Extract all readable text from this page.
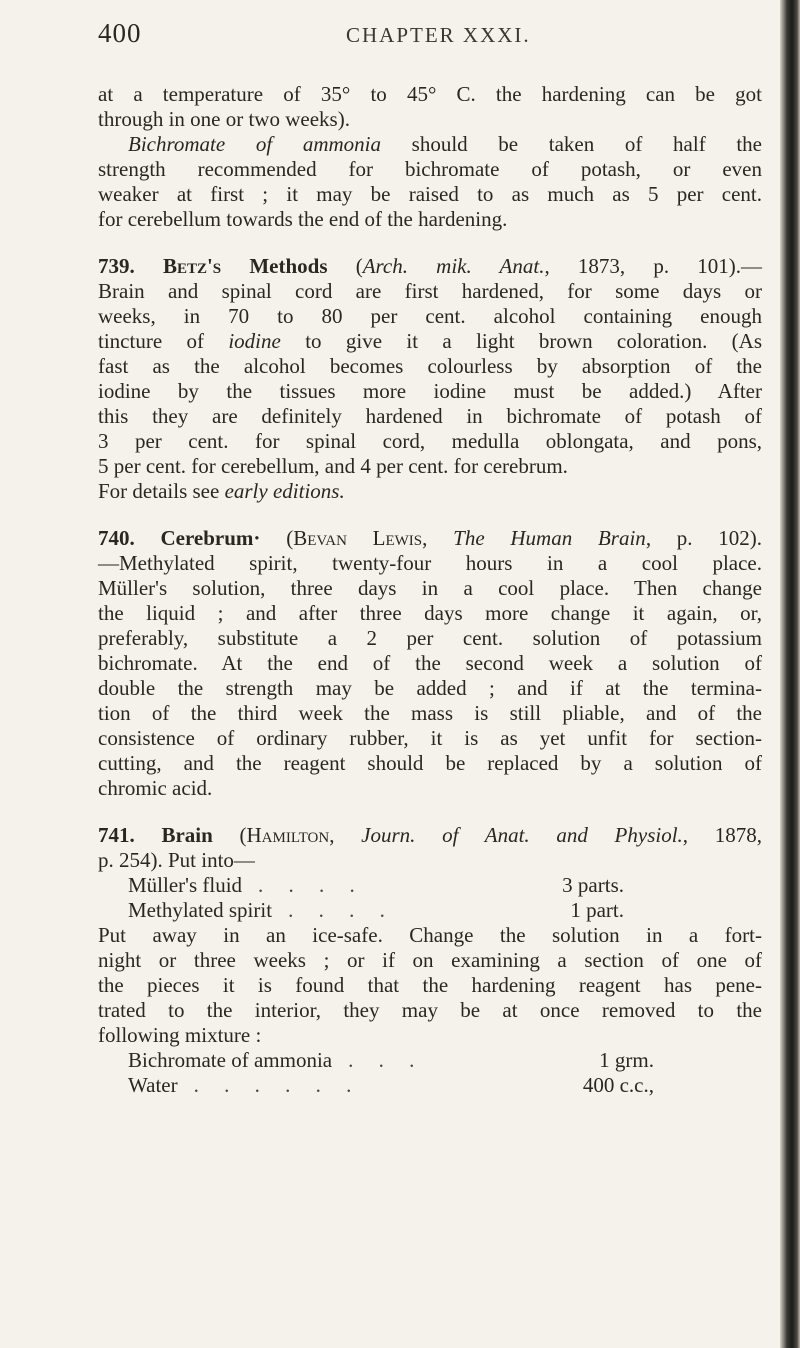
400	CHAPTER XXXI.
at a temperature of 35° to 45° C. the hardening can be got
through in one or two weeks).
Bichromate of ammonia should be taken of half the
strength recommended for bichromate of potash, or even
weaker at first ; it may be raised to as much as 5 per cent.
for cerebellum towards the end of the hardening.
739. Betz's Methods (Arch. mik. Anat., 1873, p. 101).—
Brain and spinal cord are first hardened, for some days or
weeks, in 70 to 80 per cent. alcohol containing enough
tincture of iodine to give it a light brown coloration. (As
fast as the alcohol becomes colourless by absorption of the
iodine by the tissues more iodine must be added.) After
this they are definitely hardened in bichromate of potash of
3 per cent. for spinal cord, medulla oblongata, and pons,
5 per cent. for cerebellum, and 4 per cent. for cerebrum.
For details see early editions.
740. Cerebrum· (Bevan Lewis, The Human Brain, p. 102).
—Methylated spirit, twenty-four hours in a cool place.
Müller's solution, three days in a cool place. Then change
the liquid ; and after three days more change it again, or,
preferably, substitute a 2 per cent. solution of potassium
bichromate. At the end of the second week a solution of
double the strength may be added ; and if at the termina-
tion of the third week the mass is still pliable, and of the
consistence of ordinary rubber, it is as yet unfit for section-
cutting, and the reagent should be replaced by a solution of
chromic acid.
741. Brain (Hamilton, Journ. of Anat. and Physiol., 1878,
p. 254). Put into—
Müller's fluid . . . .	3 parts.
Methylated spirit . . . .	1 part.
Put away in an ice-safe. Change the solution in a fort-
night or three weeks ; or if on examining a section of one of
the pieces it is found that the hardening reagent has pene-
trated to the interior, they may be at once removed to the
following mixture :
Bichromate of ammonia . . .	1 grm.
Water . . . . . .	400 c.c.,
